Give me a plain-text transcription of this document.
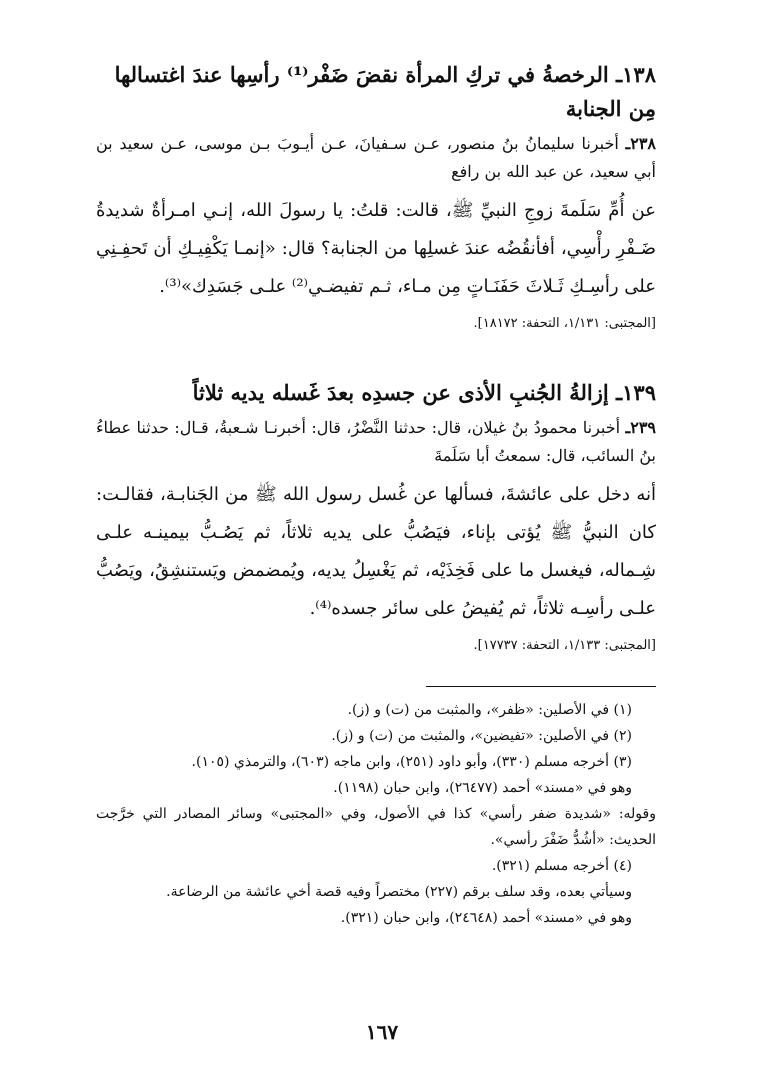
١٣٨ـ الرخصةُ في تركِ المرأة نقضَ ضَفْر⁽¹⁾ رأسِها عندَ اغتسالها مِن الجنابة

٢٣٨ـ أخبرنا سليمانُ بنُ منصور، عـن سـفيانَ، عـن أيـوبَ بـن موسى، عـن سعيد بن أبي سعيد، عن عبد الله بن رافع

عن أُمِّ سَلَمةَ زوجِ النبيِّ ﷺ، قالت: قلتُ: يا رسولَ الله، إنـي امـرأةٌ شديدةُ ضَـفْرِ رأْسِي، أفأنقُضُه عندَ غسلِها من الجنابة؟ قال: «إنمـا يَكْفِيـكِ أن تَحفِـنِي على رأسِـكِ ثَـلاثَ حَفَنَـاتٍ مِن مـاء، ثـم تفيضـي⁽²⁾ علـى جَسَدِك»⁽³⁾.

[المجتبى: ١/١٣١، التحفة: ١٨١٧٢].

١٣٩ـ إزالةُ الجُنبِ الأذى عن جسدِه بعدَ غَسله يديه ثلاثاً

٢٣٩ـ أخبرنا محمودُ بنُ غيلان، قال: حدثنا النَّضْرُ، قال: أخبرنـا شـعبةُ، قـال: حدثنا عطاءُ بنُ السائب، قال: سمعتُ أبا سَلَمةَ

أنه دخل على عائشةَ، فسألها عن غُسل رسول الله ﷺ من الجَنابـة، فقالـت: كان النبيُّ ﷺ يُؤتى بإناء، فيَصُبُّ على يديه ثلاثاً، ثم يَصُـبُّ بيمينـه علـى شِـماله، فيغسل ما على فَخِذَيْه، ثم يَغْسِلُ يديه، ويُمضمض ويَستنشِقُ، ويَصُبُّ علـى رأسِـه ثلاثاً، ثم يُفيضُ على سائر جسده⁽⁴⁾.

[المجتبى: ١/١٣٣، التحفة: ١٧٧٣٧].

(١) في الأصلين: «ظفر»، والمثبت من (ت) و (ز).

(٢) في الأصلين: «تفيضين»، والمثبت من (ت) و (ز).

(٣) أخرجه مسلم (٣٣٠)، وأبو داود (٢٥١)، وابن ماجه (٦٠٣)، والترمذي (١٠٥).

وهو في «مسند» أحمد (٢٦٤٧٧)، وابن حبان (١١٩٨).

وقوله: «شديدة ضفر رأسي» كذا في الأصول، وفي «المجتبى» وسائر المصادر التي خرَّجت الحديث: «أشُدُّ ضَفْرَ رأسي».

(٤) أخرجه مسلم (٣٢١).

وسيأتي بعده، وقد سلف برقم (٢٢٧) مختصراً وفيه قصة أخي عائشة من الرضاعة.

وهو في «مسند» أحمد (٢٤٦٤٨)، وابن حبان (٣٢١).

١٦٧
